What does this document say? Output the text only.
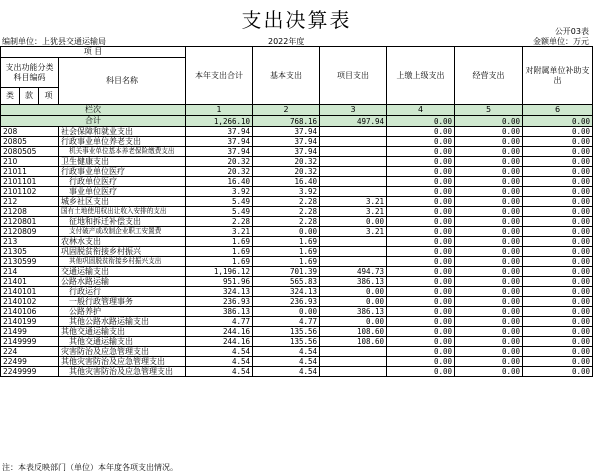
支出决算表	公开03表
编制单位：上犹县交通运输局	2022年度	金额单位：万元
项 目				本年支出合计	基本支出	项目支出	上缴上级支出	经营支出	对附属单位补助支出
支出功能分类科目编码			科目名称						
类	款	项							
栏次				1	2	3	4	5	6
合计				1,266.10	768.16	497.94	0.00	0.00	0.00
208			社会保障和就业支出	37.94	37.94		0.00	0.00	0.00
20805			行政事业单位养老支出	37.94	37.94		0.00	0.00	0.00
2080505			机关事业单位基本养老保险缴费支出	37.94	37.94		0.00	0.00	0.00
210			卫生健康支出	20.32	20.32		0.00	0.00	0.00
21011			行政事业单位医疗	20.32	20.32		0.00	0.00	0.00
2101101			行政单位医疗	16.40	16.40		0.00	0.00	0.00
2101102			事业单位医疗	3.92	3.92		0.00	0.00	0.00
212			城乡社区支出	5.49	2.28	3.21	0.00	0.00	0.00
21208			国有土地使用权出让收入安排的支出	5.49	2.28	3.21	0.00	0.00	0.00
2120801			征地和拆迁补偿支出	2.28	2.28	0.00	0.00	0.00	0.00
2120809			支付破产或改制企业职工安置费	3.21	0.00	3.21	0.00	0.00	0.00
213			农林水支出	1.69	1.69		0.00	0.00	0.00
21305			巩固脱贫衔接乡村振兴	1.69	1.69		0.00	0.00	0.00
2130599			其他巩固脱贫衔接乡村振兴支出	1.69	1.69		0.00	0.00	0.00
214			交通运输支出	1,196.12	701.39	494.73	0.00	0.00	0.00
21401			公路水路运输	951.96	565.83	386.13	0.00	0.00	0.00
2140101			行政运行	324.13	324.13	0.00	0.00	0.00	0.00
2140102			一般行政管理事务	236.93	236.93	0.00	0.00	0.00	0.00
2140106			公路养护	386.13	0.00	386.13	0.00	0.00	0.00
2140199			其他公路水路运输支出	4.77	4.77	0.00	0.00	0.00	0.00
21499			其他交通运输支出	244.16	135.56	108.60	0.00	0.00	0.00
2149999			其他交通运输支出	244.16	135.56	108.60	0.00	0.00	0.00
224			灾害防治及应急管理支出	4.54	4.54		0.00	0.00	0.00
22499			其他灾害防治及应急管理支出	4.54	4.54		0.00	0.00	0.00
2249999			其他灾害防治及应急管理支出	4.54	4.54		0.00	0.00	0.00
注：本表反映部门（单位）本年度各项支出情况。
